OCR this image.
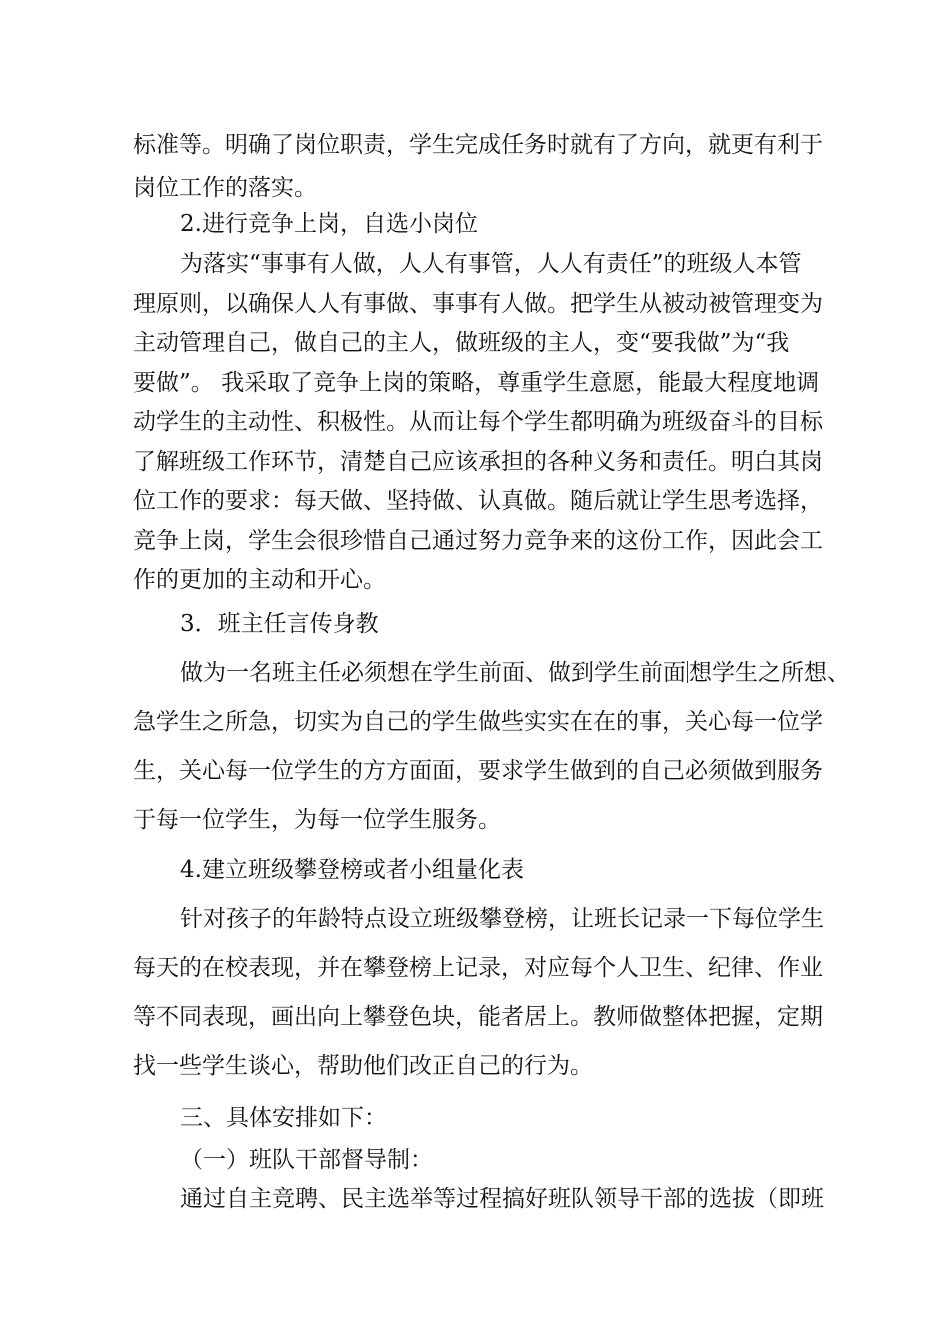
标准等。明确了岗位职责，学生完成任务时就有了方向，就更有利于
岗位工作的落实。
2.进行竞争上岗，自选小岗位
为落实“事事有人做，人人有事管，人人有责任”的班级人本管
理原则，以确保人人有事做、事事有人做。把学生从被动被管理变为
主动管理自己，做自己的主人，做班级的主人，变“要我做”为“我
要做”。 我采取了竞争上岗的策略，尊重学生意愿，能最大程度地调
动学生的主动性、积极性。从而让每个学生都明确为班级奋斗的目标
了解班级工作环节，清楚自己应该承担的各种义务和责任。明白其岗
位工作的要求：每天做、坚持做、认真做。随后就让学生思考选择，
竞争上岗，学生会很珍惜自己通过努力竞争来的这份工作，因此会工
作的更加的主动和开心。
3．班主任言传身教
做为一名班主任必须想在学生前面、做到学生前面 想学生之所想、
急学生之所急，切实为自己的学生做些实实在在的事，关心每一位学
生，关心每一位学生的方方面面，要求学生做到的自己必须做到服务
于每一位学生，为每一位学生服务。
4.建立班级攀登榜或者小组量化表
针对孩子的年龄特点设立班级攀登榜，让班长记录一下每位学生
每天的在校表现，并在攀登榜上记录，对应每个人卫生、纪律、作业
等不同表现，画出向上攀登色块，能者居上。教师做整体把握，定期
找一些学生谈心，帮助他们改正自己的行为。
三、具体安排如下：
（一）班队干部督导制：
通过自主竞聘、民主选举等过程搞好班队领导干部的选拔（即班
